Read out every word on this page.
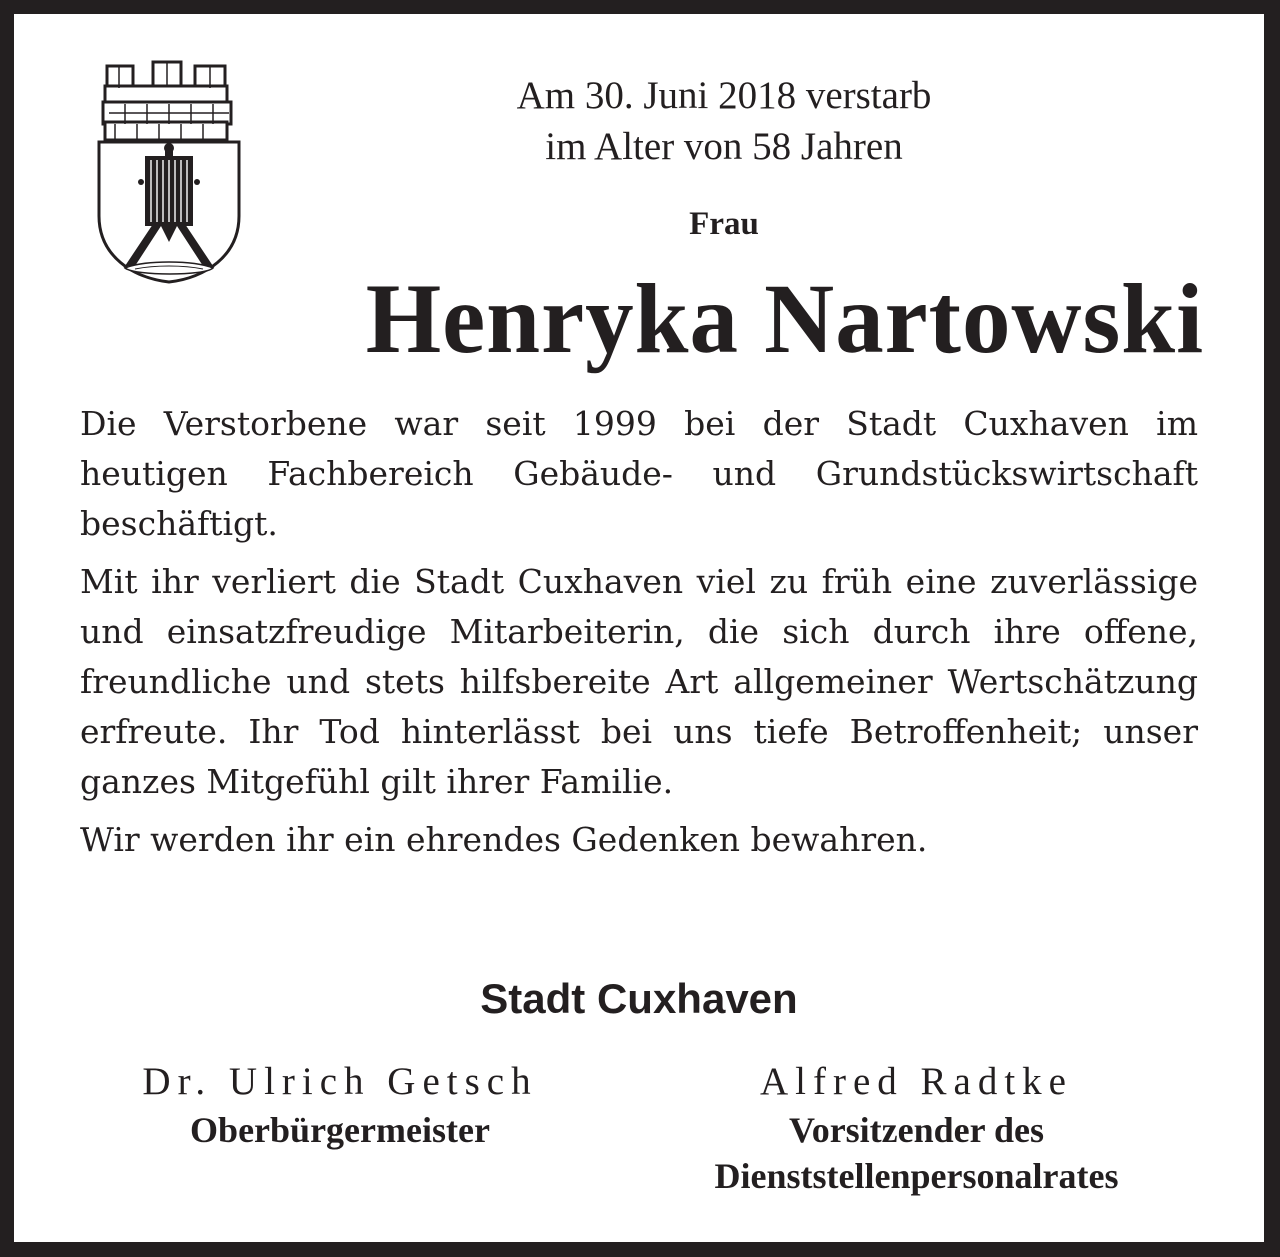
Am 30. Juni 2018 verstarb
im Alter von 58 Jahren
Frau
Henryka Nartowski

Die Verstorbene war seit 1999 bei der Stadt Cuxhaven im heutigen Fachbereich Gebäude- und Grundstückswirtschaft beschäftigt.

Mit ihr verliert die Stadt Cuxhaven viel zu früh eine zuverlässige und einsatzfreudige Mitarbeiterin, die sich durch ihre offene, freundliche und stets hilfsbereite Art allgemeiner Wertschätzung erfreute. Ihr Tod hinterlässt bei uns tiefe Betroffenheit; unser ganzes Mitgefühl gilt ihrer Familie.

Wir werden ihr ein ehrendes Gedenken bewahren.

Stadt Cuxhaven
Dr. Ulrich Getsch
Oberbürgermeister
Alfred Radtke
Vorsitzender des
Dienststellenpersonalrates
